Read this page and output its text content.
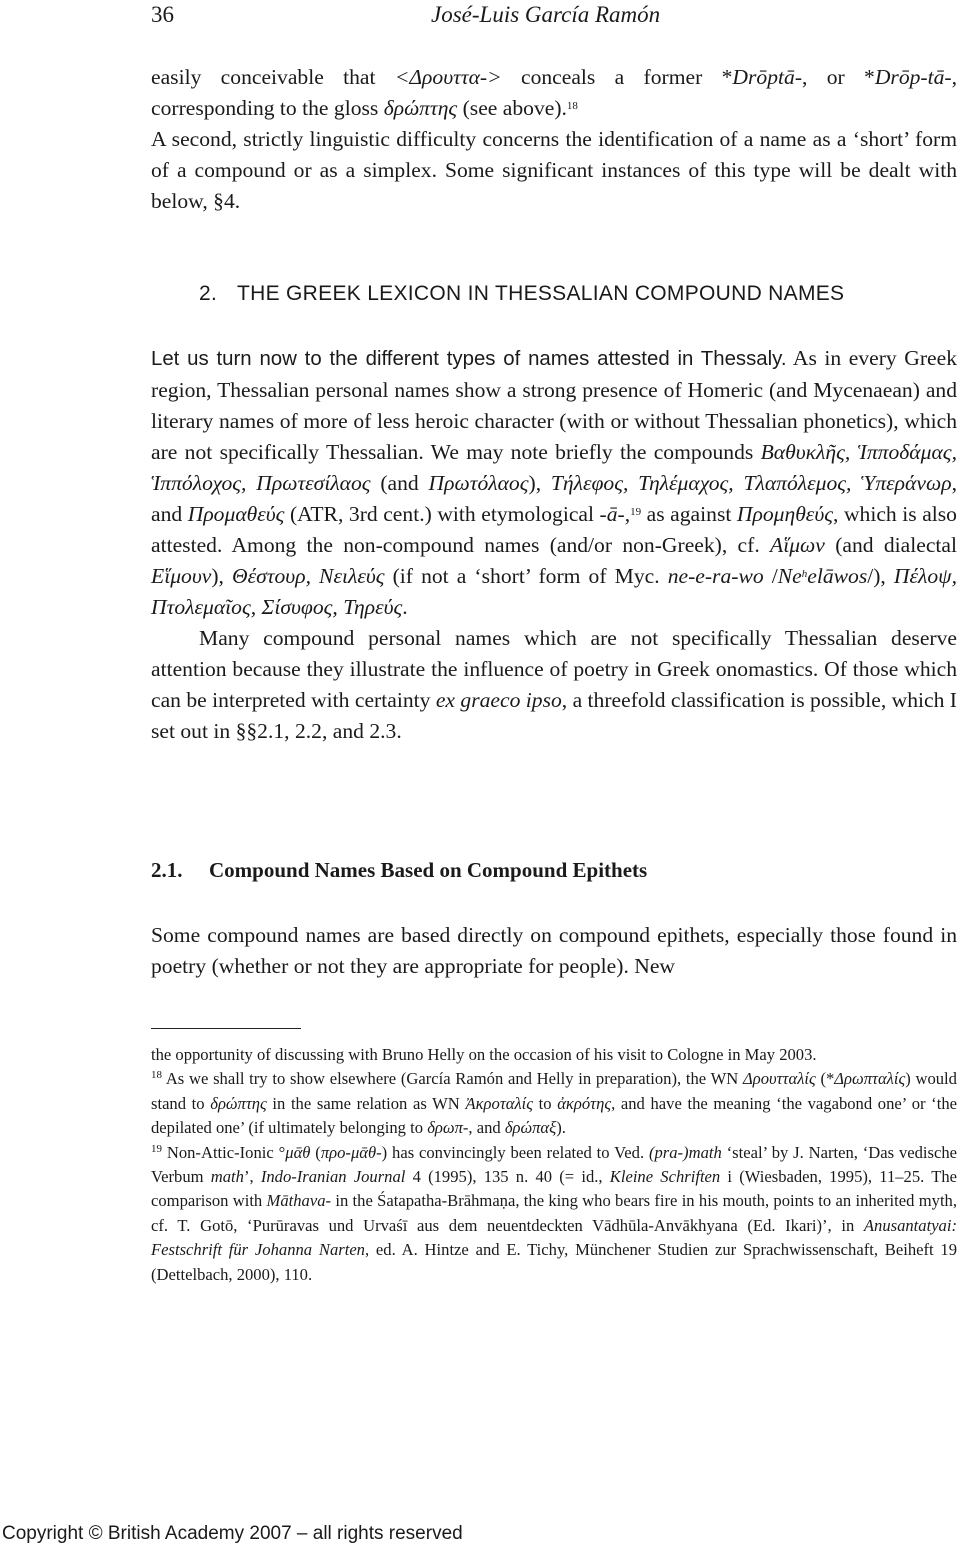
36	José-Luis García Ramón

easily conceivable that <Δρουττα-> conceals a former *Drōptā-, or *Drōp-tā-, corresponding to the gloss δρώπτης (see above).$^{18}$

A second, strictly linguistic difficulty concerns the identification of a name as a ‘short’ form of a compound or as a simplex. Some significant instances of this type will be dealt with below, §4.

2. THE GREEK LEXICON IN THESSALIAN COMPOUND NAMES

Let us turn now to the different types of names attested in Thessaly. As in every Greek region, Thessalian personal names show a strong presence of Homeric (and Mycenaean) and literary names of more of less heroic character (with or without Thessalian phonetics), which are not specifically Thessalian. We may note briefly the compounds Βαθυκλῆς, Ἱπποδάμας, Ἱππόλοχος, Πρωτεσίλαος (and Πρωτόλαος), Τήλεφος, Τηλέμαχος, Τλαπόλεμος, Ὑπεράνωρ, and Προμαθεύς (ATR, 3rd cent.) with etymological -ā-,$^{19}$ as against Προμηθεύς, which is also attested. Among the non-compound names (and/or non-Greek), cf. Αἵμων (and dialectal Εἵμουν), Θέστουρ, Νειλεύς (if not a ‘short’ form of Myc. ne-e-ra-wo /Ne$^h$elāwos/), Πέλοψ, Πτολεμαῖος, Σίσυφος, Τηρεύς.

Many compound personal names which are not specifically Thessalian deserve attention because they illustrate the influence of poetry in Greek onomastics. Of those which can be interpreted with certainty ex graeco ipso, a threefold classification is possible, which I set out in §§2.1, 2.2, and 2.3.

2.1. Compound Names Based on Compound Epithets

Some compound names are based directly on compound epithets, especially those found in poetry (whether or not they are appropriate for people). New

the opportunity of discussing with Bruno Helly on the occasion of his visit to Cologne in May 2003.

$^{18}$ As we shall try to show elsewhere (García Ramón and Helly in preparation), the WN Δρουτταλίς (*Δρωπταλίς) would stand to δρώπτης in the same relation as WN Ἀκροταλίς to ἀκρότης, and have the meaning ‘the vagabond one’ or ‘the depilated one’ (if ultimately belonging to δρωπ-, and δρώπαξ).

$^{19}$ Non-Attic-Ionic °μᾱθ (προ-μᾱθ-) has convincingly been related to Ved. (pra-)math ‘steal’ by J. Narten, ‘Das vedische Verbum math’, Indo-Iranian Journal 4 (1995), 135 n. 40 (= id., Kleine Schriften i (Wiesbaden, 1995), 11–25. The comparison with Māthava- in the Śatapatha-Brāhmaṇa, the king who bears fire in his mouth, points to an inherited myth, cf. T. Gotō, ‘Purūravas und Urvaśī aus dem neuentdeckten Vādhūla-Anvākhyana (Ed. Ikari)’, in Anusantatyai: Festschrift für Johanna Narten, ed. A. Hintze and E. Tichy, Münchener Studien zur Sprachwissenschaft, Beiheft 19 (Dettelbach, 2000), 110.

Copyright © British Academy 2007 – all rights reserved
